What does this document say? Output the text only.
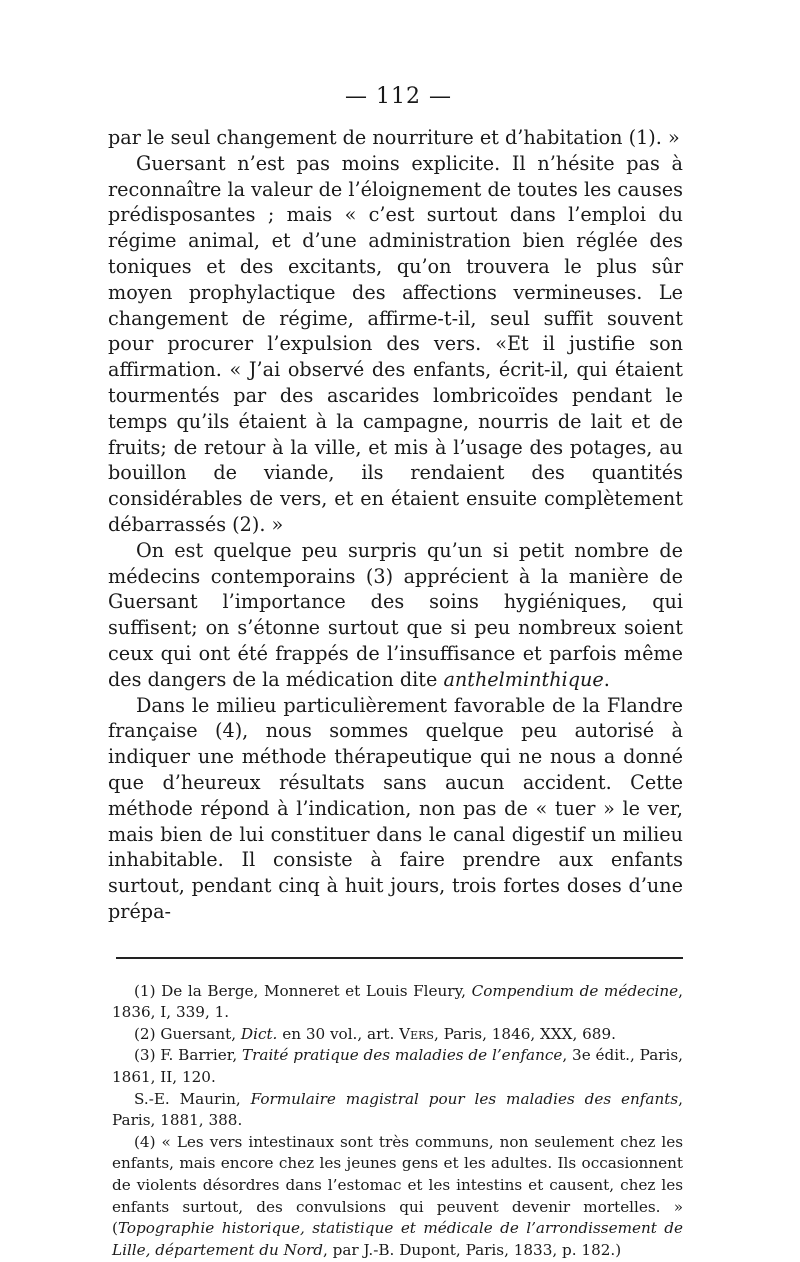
— 112 —

par le seul changement de nourriture et d’habitation (1). »

Guersant n’est pas moins explicite. Il n’hésite pas à reconnaître la valeur de l’éloignement de toutes les causes prédisposantes ; mais « c’est surtout dans l’emploi du régime animal, et d’une administration bien réglée des toniques et des excitants, qu’on trouvera le plus sûr moyen prophylactique des affections vermineuses. Le changement de régime, affirme-t-il, seul suffit souvent pour procurer l’expulsion des vers. «Et il justifie son affirmation. « J’ai observé des enfants, écrit-il, qui étaient tourmentés par des ascarides lombricoïdes pendant le temps qu’ils étaient à la campagne, nourris de lait et de fruits; de retour à la ville, et mis à l’usage des potages, au bouillon de viande, ils rendaient des quantités considérables de vers, et en étaient ensuite complètement débarrassés (2). »

On est quelque peu surpris qu’un si petit nombre de médecins contemporains (3) apprécient à la manière de Guersant l’importance des soins hygiéniques, qui suffisent; on s’étonne surtout que si peu nombreux soient ceux qui ont été frappés de l’insuffisance et parfois même des dangers de la médication dite anthelminthique.

Dans le milieu particulièrement favorable de la Flandre française (4), nous sommes quelque peu autorisé à indiquer une méthode thérapeutique qui ne nous a donné que d’heureux résultats sans aucun accident. Cette méthode répond à l’indication, non pas de « tuer » le ver, mais bien de lui constituer dans le canal digestif un milieu inhabitable. Il consiste à faire prendre aux enfants surtout, pendant cinq à huit jours, trois fortes doses d’une prépa-

(1) De la Berge, Monneret et Louis Fleury, Compendium de médecine, 1836, I, 339, 1.

(2) Guersant, Dict. en 30 vol., art. Vers, Paris, 1846, XXX, 689.

(3) F. Barrier, Traité pratique des maladies de l’enfance, 3e édit., Paris, 1861, II, 120.

S.-E. Maurin, Formulaire magistral pour les maladies des enfants, Paris, 1881, 388.

(4) « Les vers intestinaux sont très communs, non seulement chez les enfants, mais encore chez les jeunes gens et les adultes. Ils occasionnent de violents désordres dans l’estomac et les intestins et causent, chez les enfants surtout, des convulsions qui peuvent devenir mortelles. » (Topographie historique, statistique et médicale de l’arrondissement de Lille, département du Nord, par J.-B. Dupont, Paris, 1833, p. 182.)
